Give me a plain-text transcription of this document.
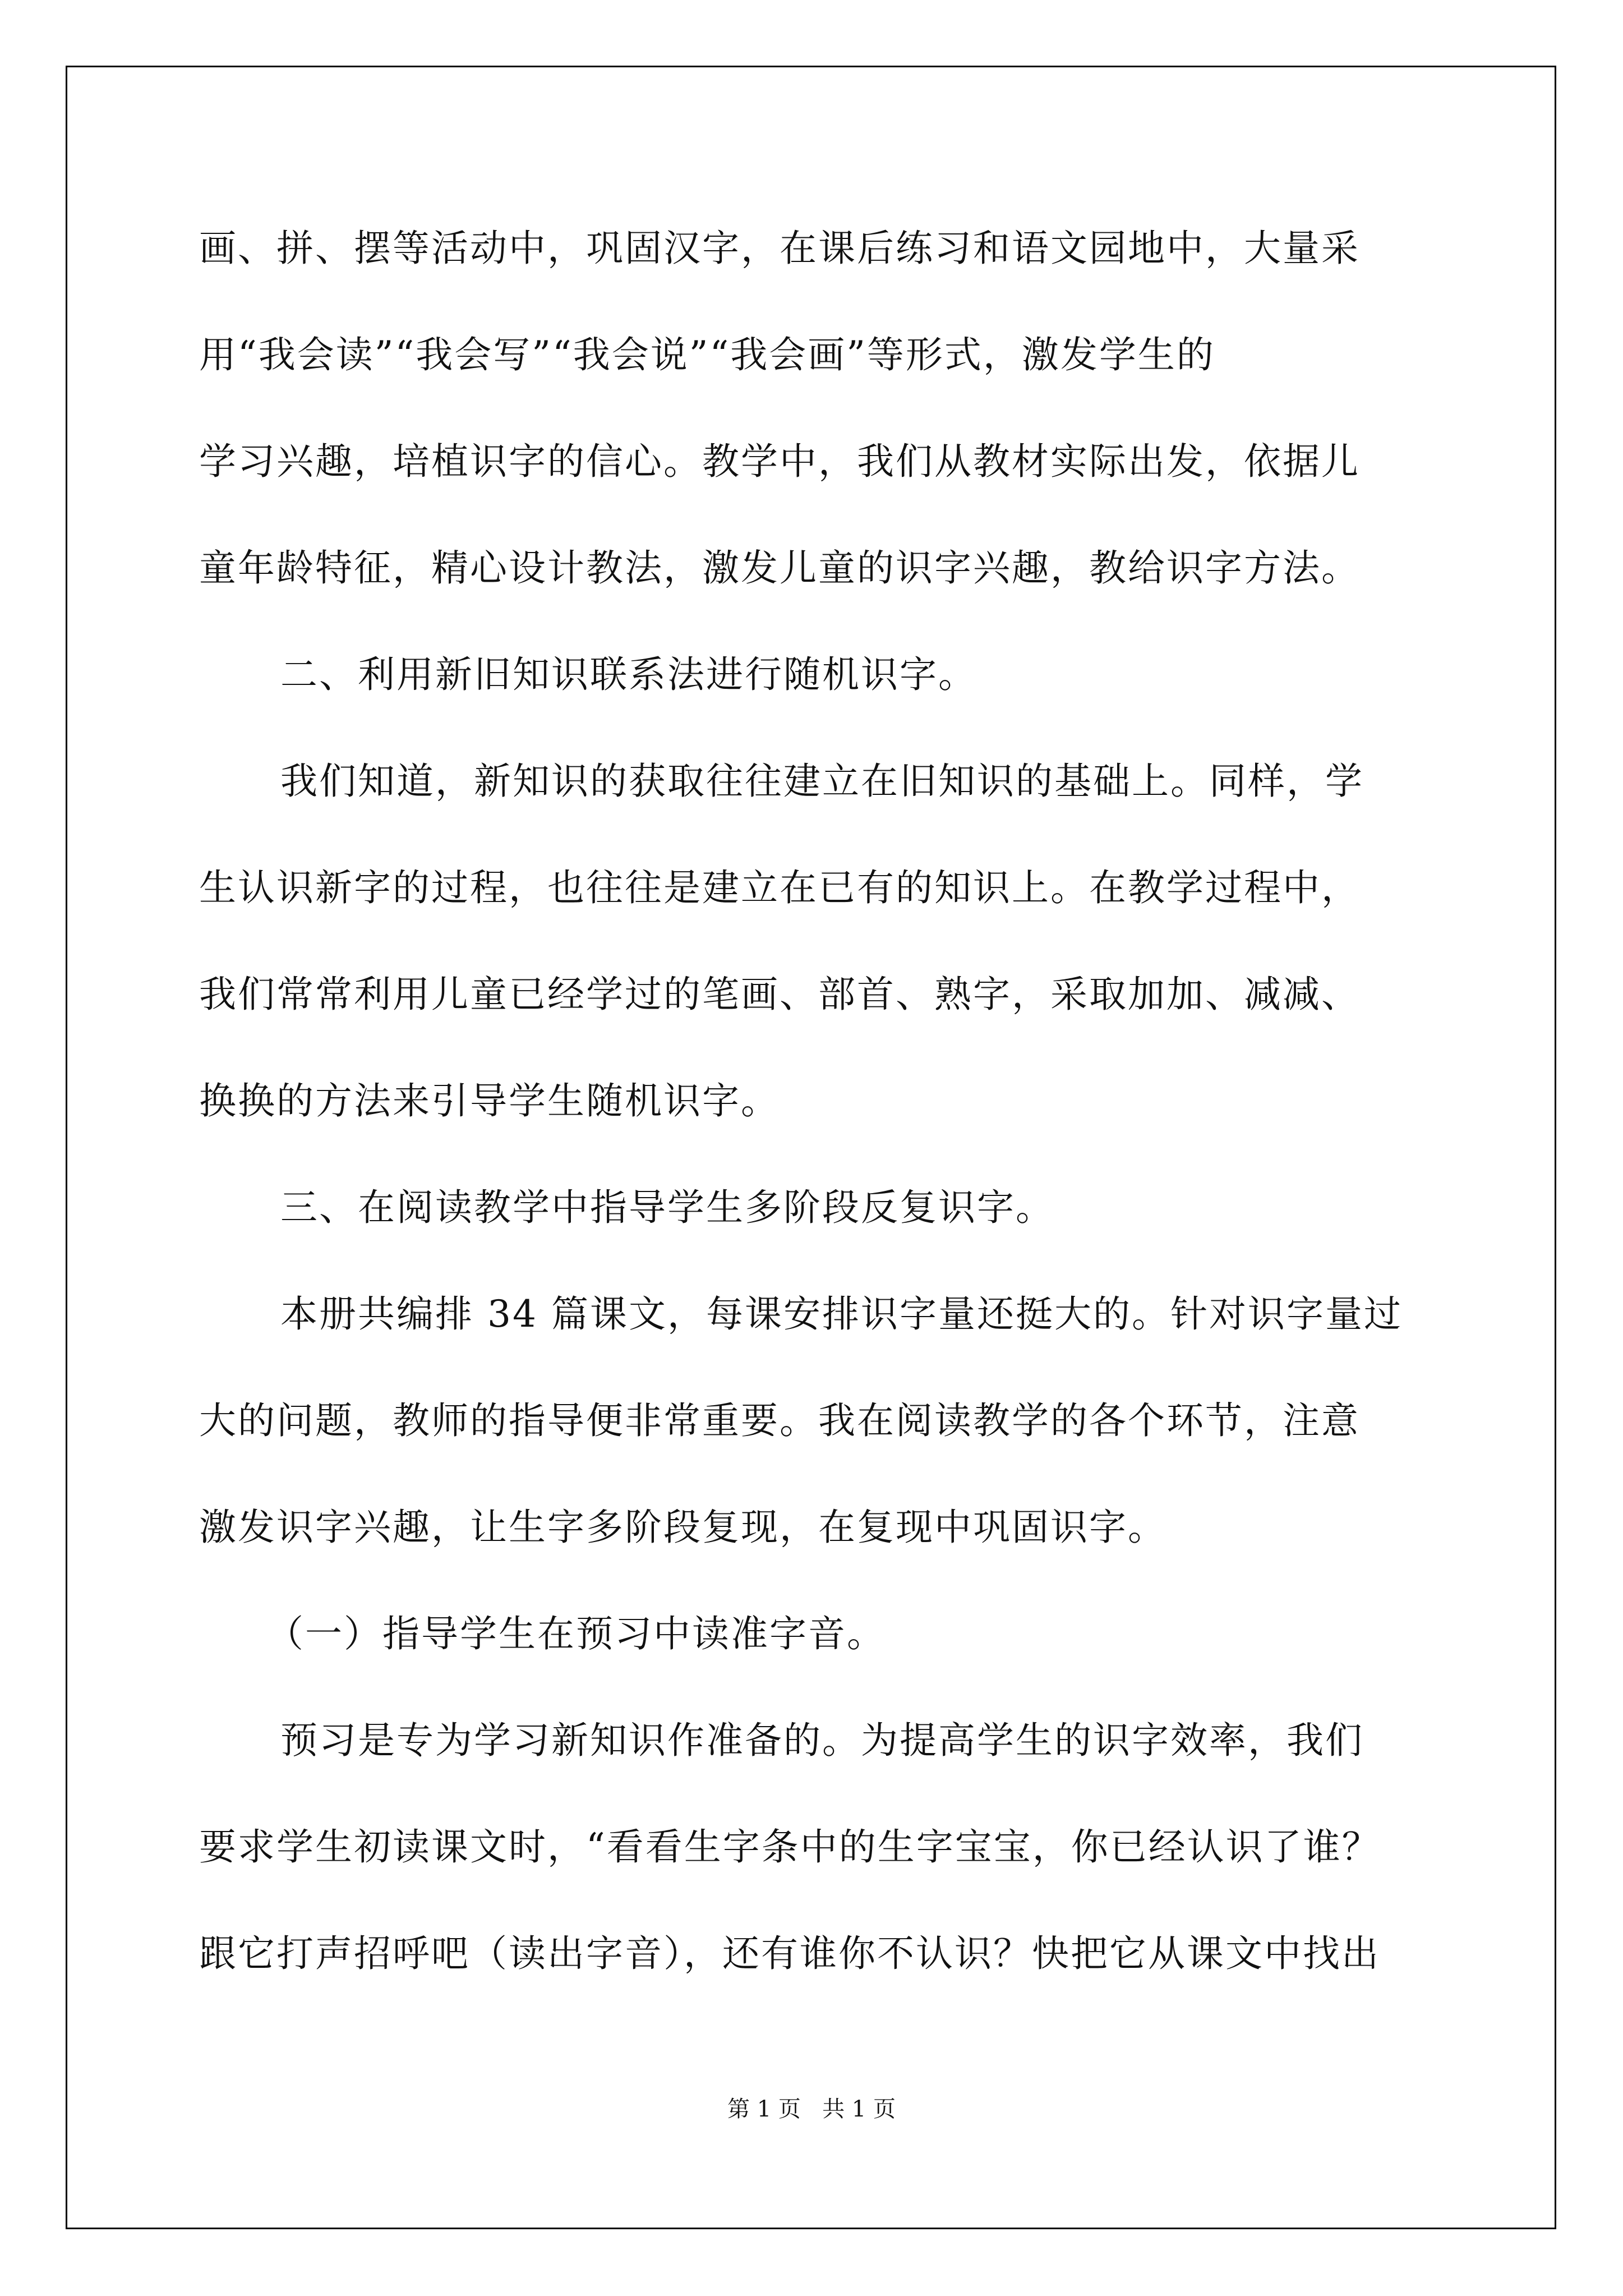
画、拼、摆等活动中，巩固汉字，在课后练习和语文园地中，大量采
用“我会读”“我会写”“我会说”“我会画”等形式，激发学生的
学习兴趣，培植识字的信心。教学中，我们从教材实际出发，依据儿
童年龄特征，精心设计教法，激发儿童的识字兴趣，教给识字方法。
二、利用新旧知识联系法进行随机识字。
我们知道，新知识的获取往往建立在旧知识的基础上。同样，学
生认识新字的过程，也往往是建立在已有的知识上。在教学过程中，
我们常常利用儿童已经学过的笔画、部首、熟字，采取加加、减减、
换换的方法来引导学生随机识字。
三、在阅读教学中指导学生多阶段反复识字。
本册共编排 34 篇课文，每课安排识字量还挺大的。针对识字量过
大的问题，教师的指导便非常重要。我在阅读教学的各个环节，注意
激发识字兴趣，让生字多阶段复现，在复现中巩固识字。
（一）指导学生在预习中读准字音。
预习是专为学习新知识作准备的。为提高学生的识字效率，我们
要求学生初读课文时，“看看生字条中的生字宝宝，你已经认识了谁？
跟它打声招呼吧（读出字音），还有谁你不认识？快把它从课文中找出
第 1 页   共 1 页
